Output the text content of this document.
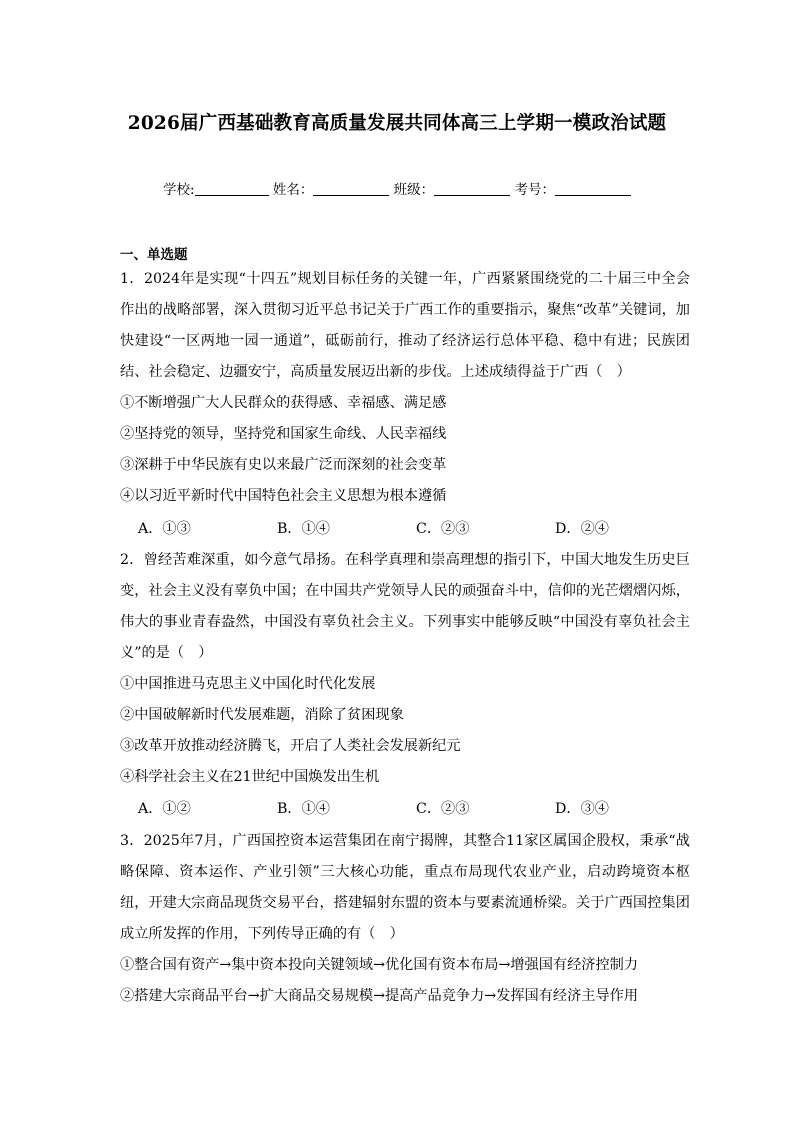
2026届广西基础教育高质量发展共同体高三上学期一模政治试题
学校:	姓名：	班级：	考号：
一、单选题
1．2024年是实现“十四五”规划目标任务的关键一年，广西紧紧围绕党的二十届三中全会作出的战略部署，深入贯彻习近平总书记关于广西工作的重要指示，聚焦“改革”关键词，加快建设“一区两地一园一通道”，砥砺前行，推动了经济运行总体平稳、稳中有进；民族团结、社会稳定、边疆安宁，高质量发展迈出新的步伐。上述成绩得益于广西（　）
①不断增强广大人民群众的获得感、幸福感、满足感
②坚持党的领导，坚持党和国家生命线、人民幸福线
③深耕于中华民族有史以来最广泛而深刻的社会变革
④以习近平新时代中国特色社会主义思想为根本遵循
A．①③	B．①④	C．②③	D．②④
2．曾经苦难深重，如今意气昂扬。在科学真理和崇高理想的指引下，中国大地发生历史巨变，社会主义没有辜负中国；在中国共产党领导人民的顽强奋斗中，信仰的光芒熠熠闪烁，伟大的事业青春盎然，中国没有辜负社会主义。下列事实中能够反映“中国没有辜负社会主义”的是（　）
①中国推进马克思主义中国化时代化发展
②中国破解新时代发展难题，消除了贫困现象
③改革开放推动经济腾飞，开启了人类社会发展新纪元
④科学社会主义在21世纪中国焕发出生机
A．①②	B．①④	C．②③	D．③④
3．2025年7月，广西国控资本运营集团在南宁揭牌，其整合11家区属国企股权，秉承“战略保障、资本运作、产业引领”三大核心功能，重点布局现代农业产业，启动跨境资本枢纽，开建大宗商品现货交易平台，搭建辐射东盟的资本与要素流通桥梁。关于广西国控集团成立所发挥的作用，下列传导正确的有（　）
①整合国有资产→集中资本投向关键领域→优化国有资本布局→增强国有经济控制力
②搭建大宗商品平台→扩大商品交易规模→提高产品竞争力→发挥国有经济主导作用
